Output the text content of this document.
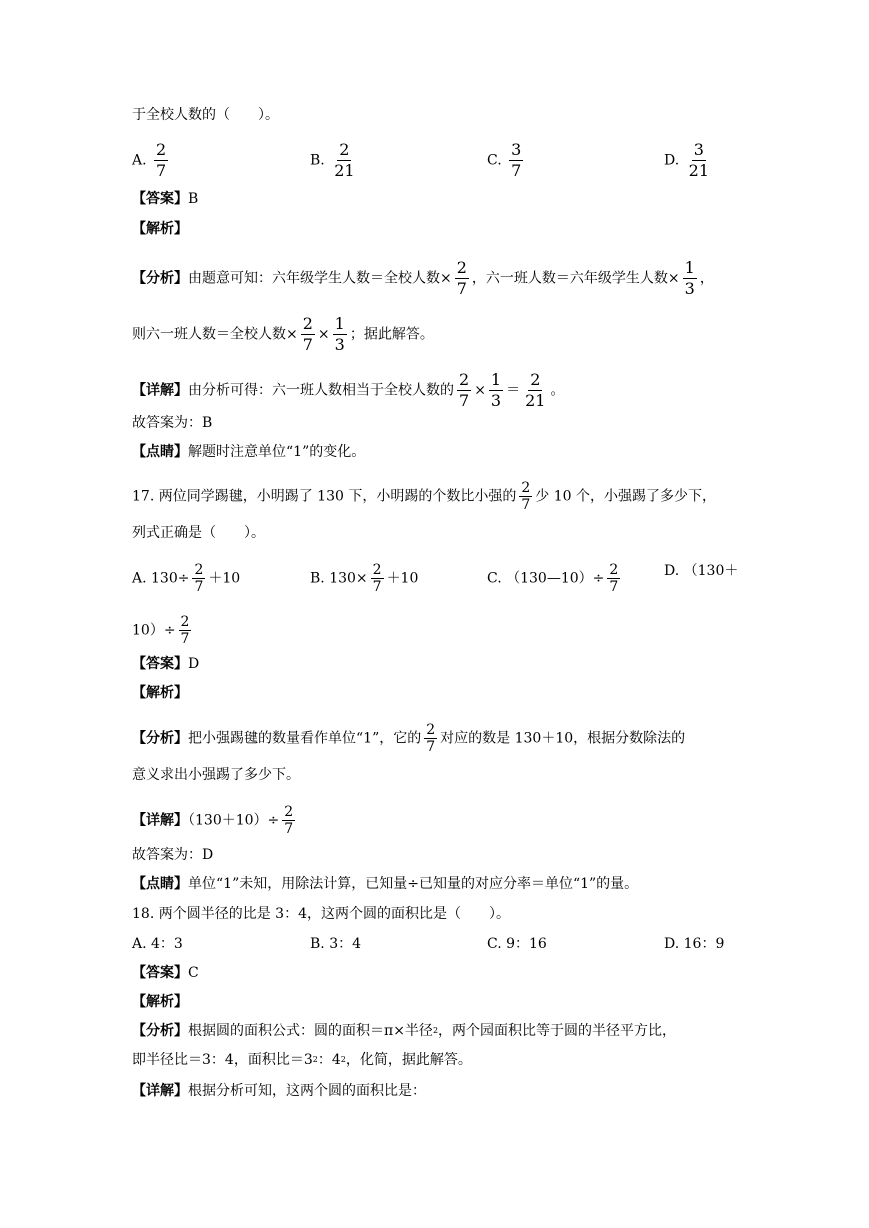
于全校人数的（　　）。
A. $\frac{2}{7}$	B. $\frac{2}{21}$	C. $\frac{3}{7}$	D. $\frac{3}{21}$
【答案】B
【解析】
【分析】由题意可知：六年级学生人数＝全校人数× $\frac{2}{7}$ ，六一班人数＝六年级学生人数× $\frac{1}{3}$ ，
则六一班人数＝全校人数× $\frac{2}{7} \times \frac{1}{3}$ ；据此解答。
【详解】由分析可得：六一班人数相当于全校人数的 $\frac{2}{7} \times \frac{1}{3} = \frac{2}{21}$ 。
故答案为：B
【点睛】解题时注意单位“1”的变化。
17. 两位同学踢毽，小明踢了 130 下，小明踢的个数比小强的 $\frac{2}{7}$ 少 10 个，小强踢了多少下，
列式正确是（　　）。
A. $130\div \frac{2}{7} +10$	B. $130\times \frac{2}{7} +10$	C. （130—10）÷ $\frac{2}{7}$	D. （130＋
$10)\div \frac{2}{7}$
【答案】D
【解析】
【分析】把小强踢毽的数量看作单位“1”，它的 $\frac{2}{7}$ 对应的数是 130＋10，根据分数除法的
意义求出小强踢了多少下。
【详解】$(130+10)\div \frac{2}{7}$
故答案为：D
【点睛】单位“1”未知，用除法计算，已知量÷已知量的对应分率＝单位“1”的量。
18. 两个圆半径的比是 3：4，这两个圆的面积比是（　　）。
A. 4：3	B. 3：4	C. 9：16	D. 16：9
【答案】C
【解析】
【分析】根据圆的面积公式：圆的面积＝π×半径$^2$，两个园面积比等于圆的半径平方比，
即半径比＝3：4，面积比$=3^2$：$4^2$，化简，据此解答。
【详解】根据分析可知，这两个圆的面积比是：
